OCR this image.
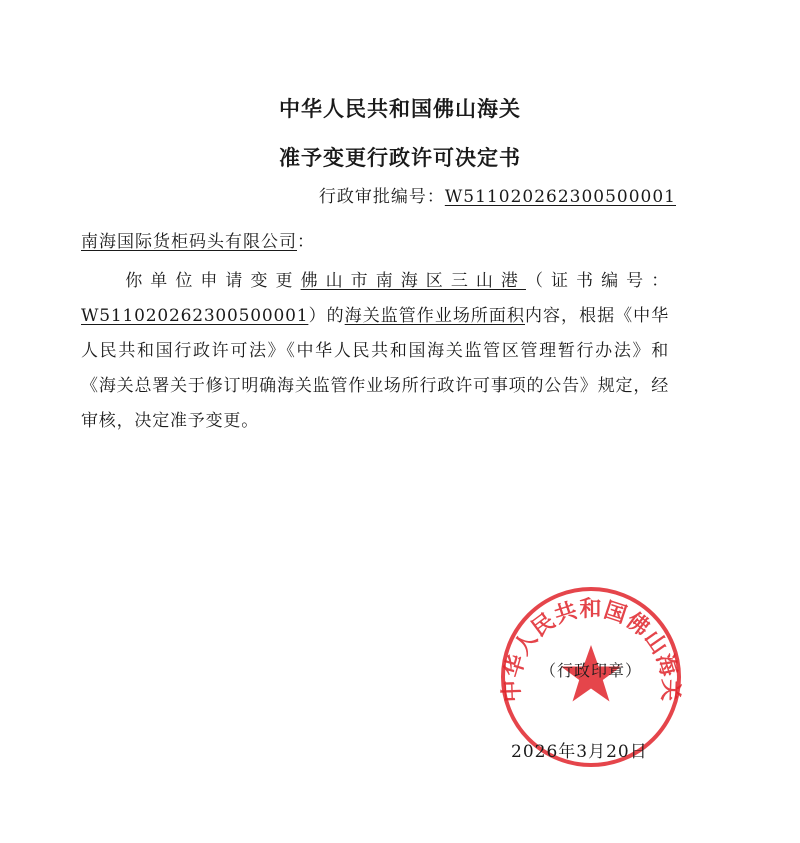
中华人民共和国佛山海关
准予变更行政许可决定书
行政审批编号：W511020262300500001
南海国际货柜码头有限公司：
你单位申请变更佛山市南海区三山港（证书编号：W511020262300500001）的海关监管作业场所面积内容，根据《中华人民共和国行政许可法》《中华人民共和国海关监管区管理暂行办法》和《海关总署关于修订明确海关监管作业场所行政许可事项的公告》规定，经审核，决定准予变更。
中华人民共和国佛山海关
（行政印章）
2026年3月20日
